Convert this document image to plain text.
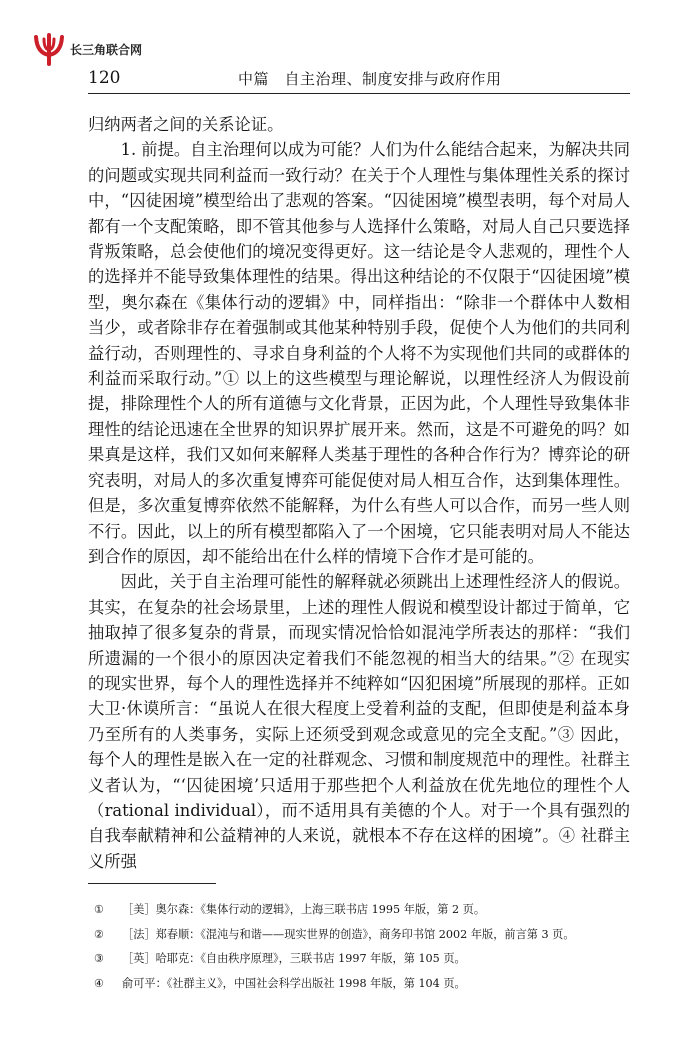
长三角联合网
120	中篇　自主治理、制度安排与政府作用

归纳两者之间的关系论证。

1. 前提。自主治理何以成为可能？人们为什么能结合起来，为解决共同的问题或实现共同利益而一致行动？在关于个人理性与集体理性关系的探讨中，“囚徒困境”模型给出了悲观的答案。“囚徒困境”模型表明，每个对局人都有一个支配策略，即不管其他参与人选择什么策略，对局人自己只要选择背叛策略，总会使他们的境况变得更好。这一结论是令人悲观的，理性个人的选择并不能导致集体理性的结果。得出这种结论的不仅限于“囚徒困境”模型，奥尔森在《集体行动的逻辑》中，同样指出：“除非一个群体中人数相当少，或者除非存在着强制或其他某种特别手段，促使个人为他们的共同利益行动，否则理性的、寻求自身利益的个人将不为实现他们共同的或群体的利益而采取行动。”① 以上的这些模型与理论解说，以理性经济人为假设前提，排除理性个人的所有道德与文化背景，正因为此，个人理性导致集体非理性的结论迅速在全世界的知识界扩展开来。然而，这是不可避免的吗？如果真是这样，我们又如何来解释人类基于理性的各种合作行为？博弈论的研究表明，对局人的多次重复博弈可能促使对局人相互合作，达到集体理性。但是，多次重复博弈依然不能解释，为什么有些人可以合作，而另一些人则不行。因此，以上的所有模型都陷入了一个困境，它只能表明对局人不能达到合作的原因，却不能给出在什么样的情境下合作才是可能的。

因此，关于自主治理可能性的解释就必须跳出上述理性经济人的假说。其实，在复杂的社会场景里，上述的理性人假说和模型设计都过于简单，它抽取掉了很多复杂的背景，而现实情况恰恰如混沌学所表达的那样：“我们所遗漏的一个很小的原因决定着我们不能忽视的相当大的结果。”② 在现实的现实世界，每个人的理性选择并不纯粹如“囚犯困境”所展现的那样。正如大卫·休谟所言：“虽说人在很大程度上受着利益的支配，但即使是利益本身乃至所有的人类事务，实际上还须受到观念或意见的完全支配。”③ 因此，每个人的理性是嵌入在一定的社群观念、习惯和制度规范中的理性。社群主义者认为，“‘囚徒困境’只适用于那些把个人利益放在优先地位的理性个人（rational individual），而不适用具有美德的个人。对于一个具有强烈的自我奉献精神和公益精神的人来说，就根本不存在这样的困境”。④ 社群主义所强

①	［美］奥尔森：《集体行动的逻辑》，上海三联书店 1995 年版，第 2 页。
②	［法］郑春顺：《混沌与和谐——现实世界的创造》，商务印书馆 2002 年版，前言第 3 页。
③	［英］哈耶克：《自由秩序原理》，三联书店 1997 年版，第 105 页。
④	俞可平：《社群主义》，中国社会科学出版社 1998 年版，第 104 页。
